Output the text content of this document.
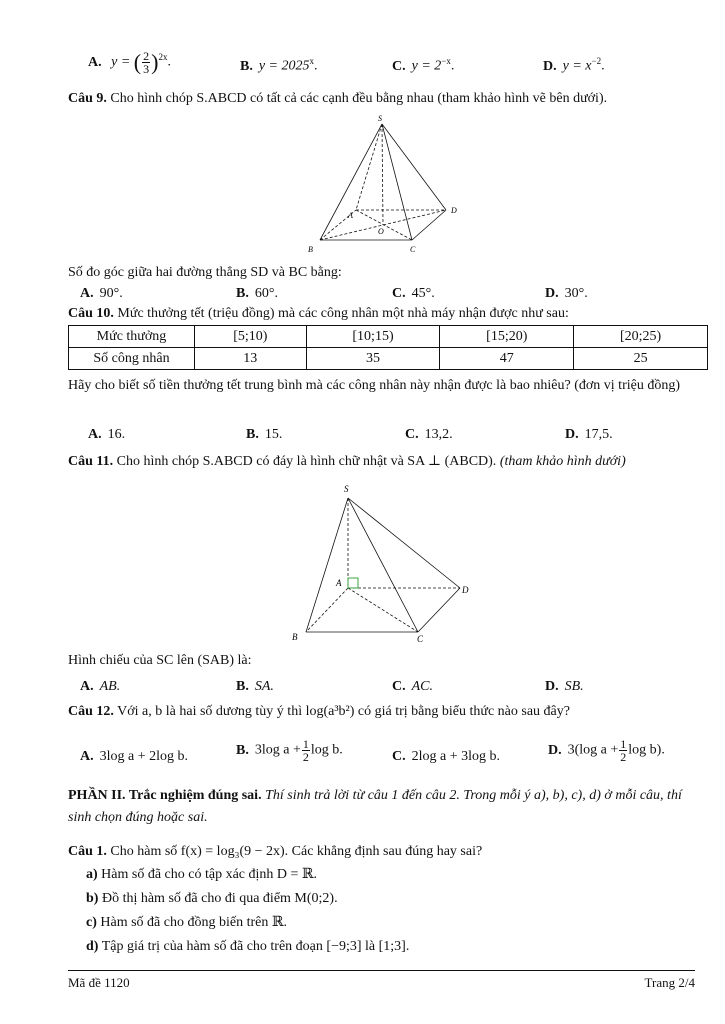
A. y = ( $\frac{2}{3} )^{2x}$.	B. $y = 2025^x$.	C. $y = 2^{-x}$.	D. $y = x^{-2}$.
Câu 9. Cho hình chóp S.ABCD có tất cả các cạnh đều bằng nhau (tham khảo hình vẽ bên dưới).
S
A
B	C
D
O
Số đo góc giữa hai đường thẳng SD và BC bằng:
A. 90°.	B. 60°.	C. 45°.	D. 30°.
Câu 10. Mức thưởng tết (triệu đồng) mà các công nhân một nhà máy nhận được như sau:
Mức thưởng	[5;10)	[10;15)	[15;20)	[20;25)
Số công nhân	13	35	47	25
Hãy cho biết số tiền thưởng tết trung bình mà các công nhân này nhận được là bao nhiêu? (đơn vị triệu đồng)
A. 16.	B. 15.	C. 13,2.	D. 17,5.
Câu 11. Cho hình chóp S.ABCD có đáy là hình chữ nhật và SA ⊥ (ABCD). (tham khảo hình dưới)
S
A
B	C
D
Hình chiếu của SC lên (SAB) là:
A. AB.	B. SA.	C. AC.	D. SB.
Câu 12. Với a, b là hai số dương tùy ý thì log(a³b²) có giá trị bằng biểu thức nào sau đây?
A. 3log a + 2log b.	B. 3log $a + \frac{1}{2}$ log b.	C. 2log a + 3log b.	D. 3(log $a + \frac{1}{2}$ log b).
PHẦN II. Trắc nghiệm đúng sai. Thí sinh trả lời từ câu 1 đến câu 2. Trong mỗi ý a), b), c), d) ở mỗi câu, thí sinh chọn đúng hoặc sai.
Câu 1. Cho hàm số f(x) = log₃(9 − 2x). Các khẳng định sau đúng hay sai?
a) Hàm số đã cho có tập xác định D = ℝ.
b) Đồ thị hàm số đã cho đi qua điểm M(0;2).
c) Hàm số đã cho đồng biến trên ℝ.
d) Tập giá trị của hàm số đã cho trên đoạn [−9;3] là [1;3].
Mã đề 1120	Trang 2/4
